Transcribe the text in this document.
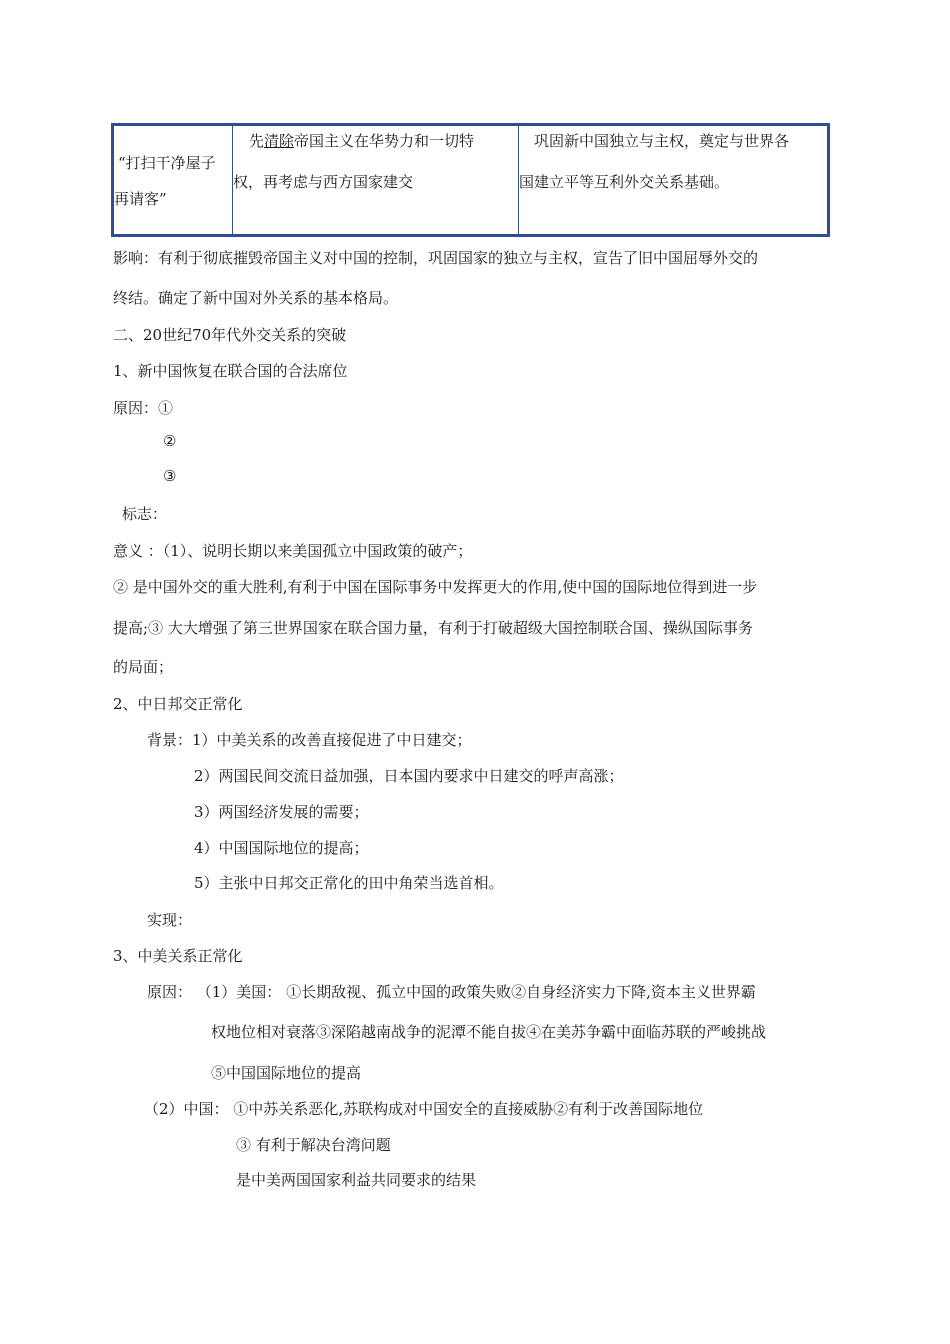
“打扫干净屋子
再请客”
先清除帝国主义在华势力和一切特
权，再考虑与西方国家建交
巩固新中国独立与主权，奠定与世界各
国建立平等互利外交关系基础。
影响：有利于彻底摧毁帝国主义对中国的控制，巩固国家的独立与主权，宣告了旧中国屈辱外交的
终结。确定了新中国对外关系的基本格局。
二、20世纪70年代外交关系的突破
1、新中国恢复在联合国的合法席位
原因：①
②
③
标志：
意义 ：（1）、说明长期以来美国孤立中国政策的破产；
② 是中国外交的重大胜利,有利于中国在国际事务中发挥更大的作用,使中国的国际地位得到进一步
提高;③ 大大增强了第三世界国家在联合国力量，有利于打破超级大国控制联合国、操纵国际事务
的局面；
2、中日邦交正常化
背景：1）中美关系的改善直接促进了中日建交；
2）两国民间交流日益加强，日本国内要求中日建交的呼声高涨；
3）两国经济发展的需要；
4）中国国际地位的提高；
5）主张中日邦交正常化的田中角荣当选首相。
实现：
3、中美关系正常化
原因： （1）美国： ①长期敌视、孤立中国的政策失败②自身经济实力下降,资本主义世界霸
权地位相对衰落③深陷越南战争的泥潭不能自拔④在美苏争霸中面临苏联的严峻挑战
⑤中国国际地位的提高
（2）中国： ①中苏关系恶化,苏联构成对中国安全的直接威胁②有利于改善国际地位
③ 有利于解决台湾问题
是中美两国国家利益共同要求的结果
